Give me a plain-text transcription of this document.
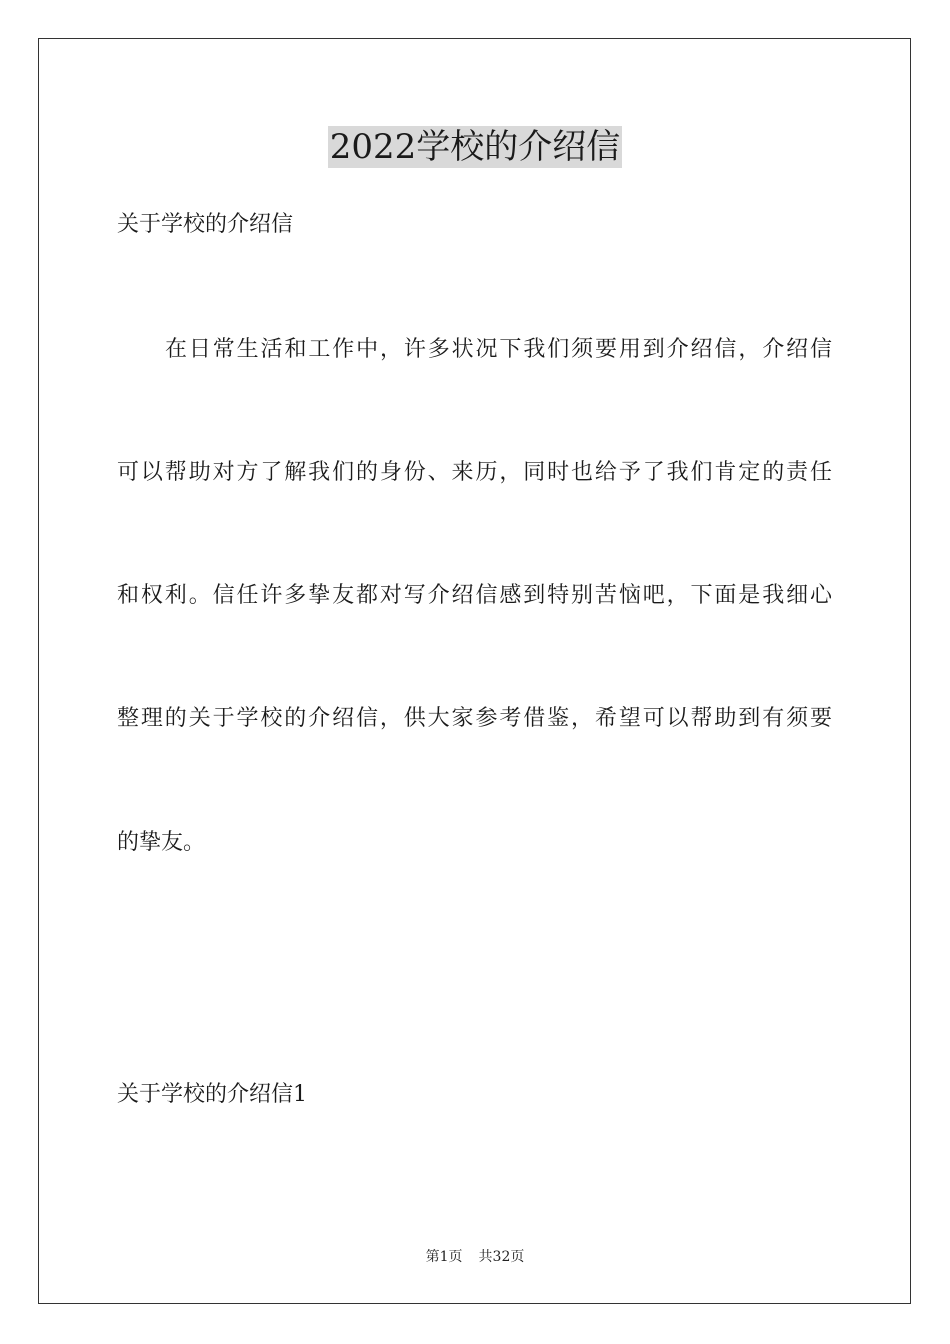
2022学校的介绍信

关于学校的介绍信

在日常生活和工作中，许多状况下我们须要用到介绍信，介绍信

可以帮助对方了解我们的身份、来历，同时也给予了我们肯定的责任

和权利。信任许多挚友都对写介绍信感到特别苦恼吧，下面是我细心

整理的关于学校的介绍信，供大家参考借鉴，希望可以帮助到有须要

的挚友。

关于学校的介绍信1

第1页 共32页
